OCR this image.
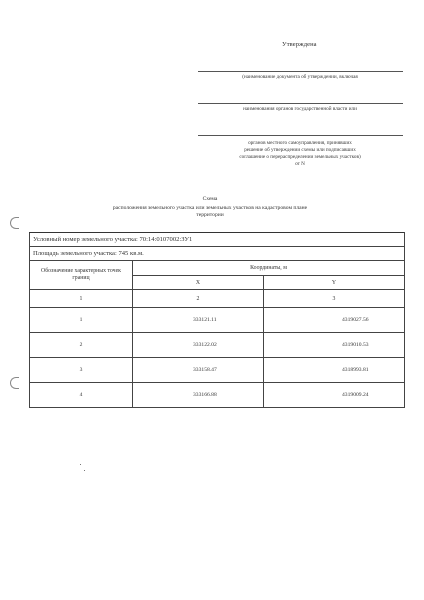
Утверждена
(наименование документа об утверждении, включая
наименования органов государственной власти или
органов местного самоуправления, принявших
решение об утверждении схемы или подписавших
соглашение о перераспределении земельных участков)
от N
Схема
расположения земельного участка или земельных участков на кадастровом плане
территории
Условный номер земельного участка: 70:14:0107002:ЗУ1		
Площадь земельного участка: 745 кв.м.		
Обозначение характерных точек границ	Координаты, м	
	X	Y
1	2	3
1	333121.11	4319027.56
2	333122.02	4319010.53
3	333158.47	4318993.81
4	333166.88	4319009.24
